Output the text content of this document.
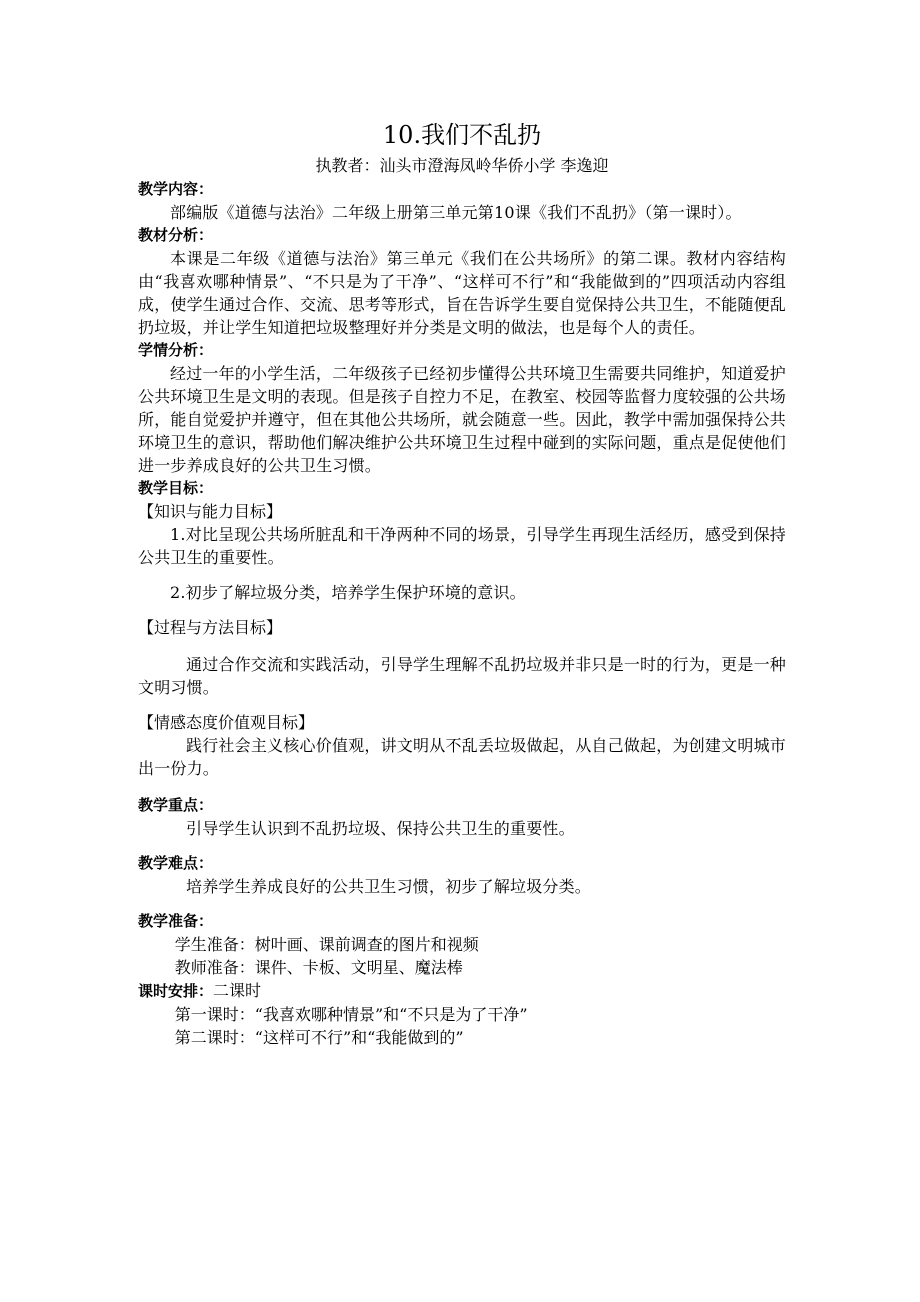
10.我们不乱扔

执教者：汕头市澄海凤岭华侨小学 李逸迎

教学内容：

部编版《道德与法治》二年级上册第三单元第10课《我们不乱扔》（第一课时）。

教材分析：

本课是二年级《道德与法治》第三单元《我们在公共场所》的第二课。教材内容结构由“我喜欢哪种情景”、“不只是为了干净”、“这样可不行”和“我能做到的”四项活动内容组成，使学生通过合作、交流、思考等形式，旨在告诉学生要自觉保持公共卫生，不能随便乱扔垃圾，并让学生知道把垃圾整理好并分类是文明的做法，也是每个人的责任。

学情分析：

经过一年的小学生活，二年级孩子已经初步懂得公共环境卫生需要共同维护，知道爱护公共环境卫生是文明的表现。但是孩子自控力不足，在教室、校园等监督力度较强的公共场所，能自觉爱护并遵守，但在其他公共场所，就会随意一些。因此，教学中需加强保持公共环境卫生的意识，帮助他们解决维护公共环境卫生过程中碰到的实际问题，重点是促使他们进一步养成良好的公共卫生习惯。

教学目标：

【知识与能力目标】

1.对比呈现公共场所脏乱和干净两种不同的场景，引导学生再现生活经历，感受到保持公共卫生的重要性。

2.初步了解垃圾分类，培养学生保护环境的意识。

【过程与方法目标】

通过合作交流和实践活动，引导学生理解不乱扔垃圾并非只是一时的行为，更是一种文明习惯。

【情感态度价值观目标】

践行社会主义核心价值观，讲文明从不乱丢垃圾做起，从自己做起，为创建文明城市出一份力。

教学重点：

引导学生认识到不乱扔垃圾、保持公共卫生的重要性。

教学难点：

培养学生养成良好的公共卫生习惯，初步了解垃圾分类。

教学准备：

学生准备：树叶画、课前调查的图片和视频

教师准备：课件、卡板、文明星、魔法棒

课时安排：二课时

第一课时：“我喜欢哪种情景”和“不只是为了干净”

第二课时：“这样可不行”和“我能做到的”
